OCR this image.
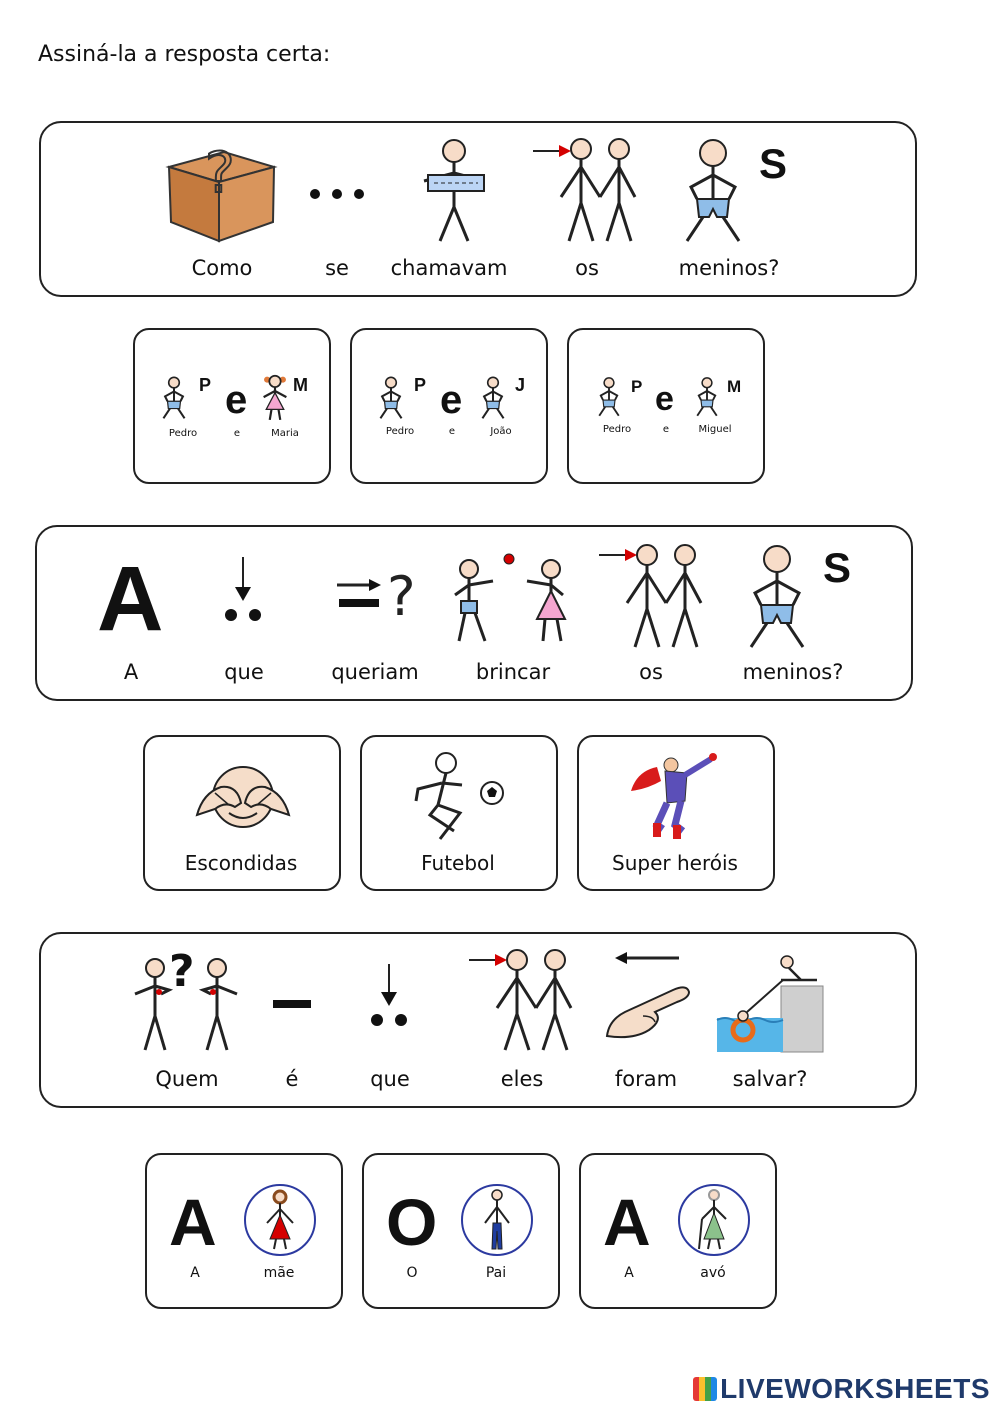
Assiná-la a resposta certa:
?	S
Como	se chamavam	os	meninos?
P e	M
Pedro	e	Maria
P e	J
Pedro	e	João
P e	M
Pedro	e	Miguel
A	?	S
A	que	queriam	brincar	os	meninos?
Escondidas	Futebol	Super heróis
?
Quem	é	que	eles	foram	salvar?
A
A	mãe
O
O	Pai
A
A	avó
LIVEWORKSHEETS
